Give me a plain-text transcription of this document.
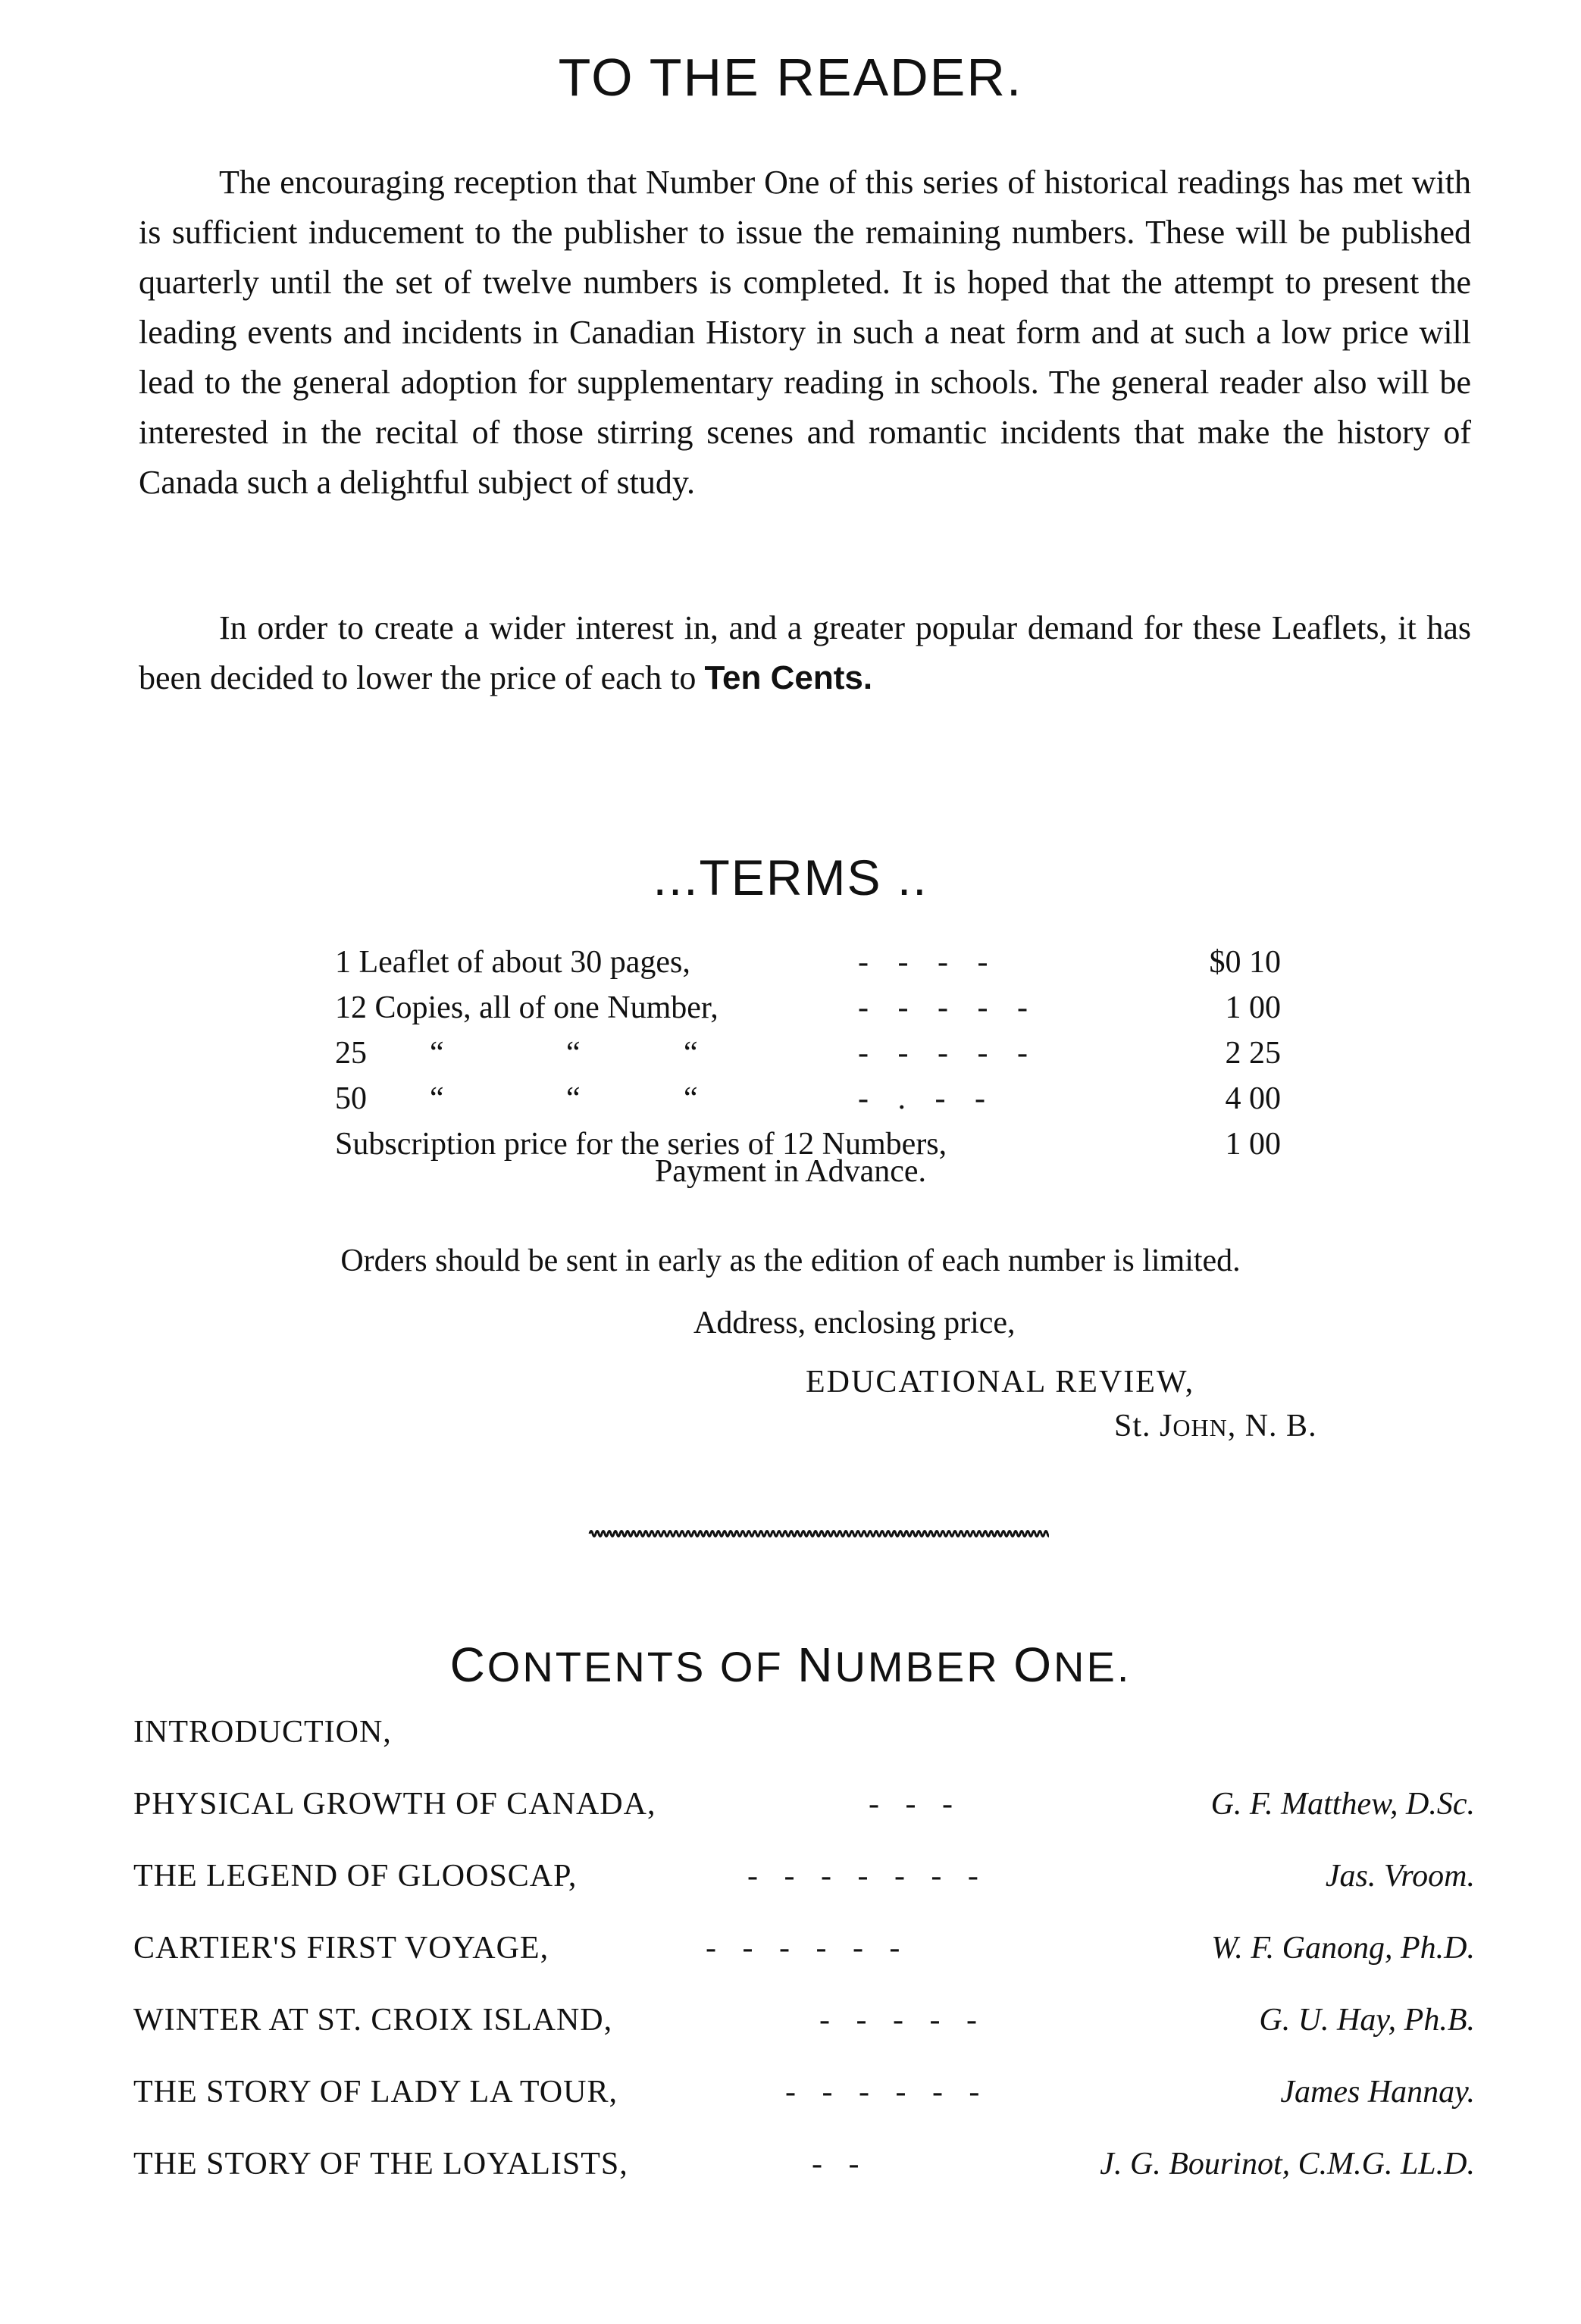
TO THE READER.

The encouraging reception that Number One of this series of historical readings has met with is sufficient inducement to the publisher to issue the remaining numbers. These will be published quarterly until the set of twelve numbers is completed. It is hoped that the attempt to present the leading events and incidents in Canadian History in such a neat form and at such a low price will lead to the general adoption for supplementary reading in schools. The general reader also will be interested in the recital of those stirring scenes and romantic incidents that make the history of Canada such a delightful subject of study.

In order to create a wider interest in, and a greater popular demand for these Leaflets, it has been decided to lower the price of each to Ten Cents.

...TERMS ..
1 Leaflet of about 30 pages,	- - - -	$0 10
12 Copies, all of one Number,	- - - - -	1 00
25 “	“	“	- - - - -	2 25
50 “	“	“	- . - -	4 00
Subscription price for the series of 12 Numbers,	1 00
Payment in Advance.
Orders should be sent in early as the edition of each number is limited.
Address, enclosing price,
EDUCATIONAL REVIEW,
St. JOHN, N. B.
CONTENTS OF NUMBER ONE.
INTRODUCTION,
PHYSICAL GROWTH OF CANADA,	- - -	G. F. Matthew, D.Sc.
THE LEGEND OF GLOOSCAP,	- - - - - - -	Jas. Vroom.
CARTIER'S FIRST VOYAGE,	- - - - - -	W. F. Ganong, Ph.D.
WINTER AT ST. CROIX ISLAND,	- - - - -	G. U. Hay, Ph.B.
THE STORY OF LADY LA TOUR,	- - - - - -	James Hannay.
THE STORY OF THE LOYALISTS,	- -	J. G. Bourinot, C.M.G. LL.D.
